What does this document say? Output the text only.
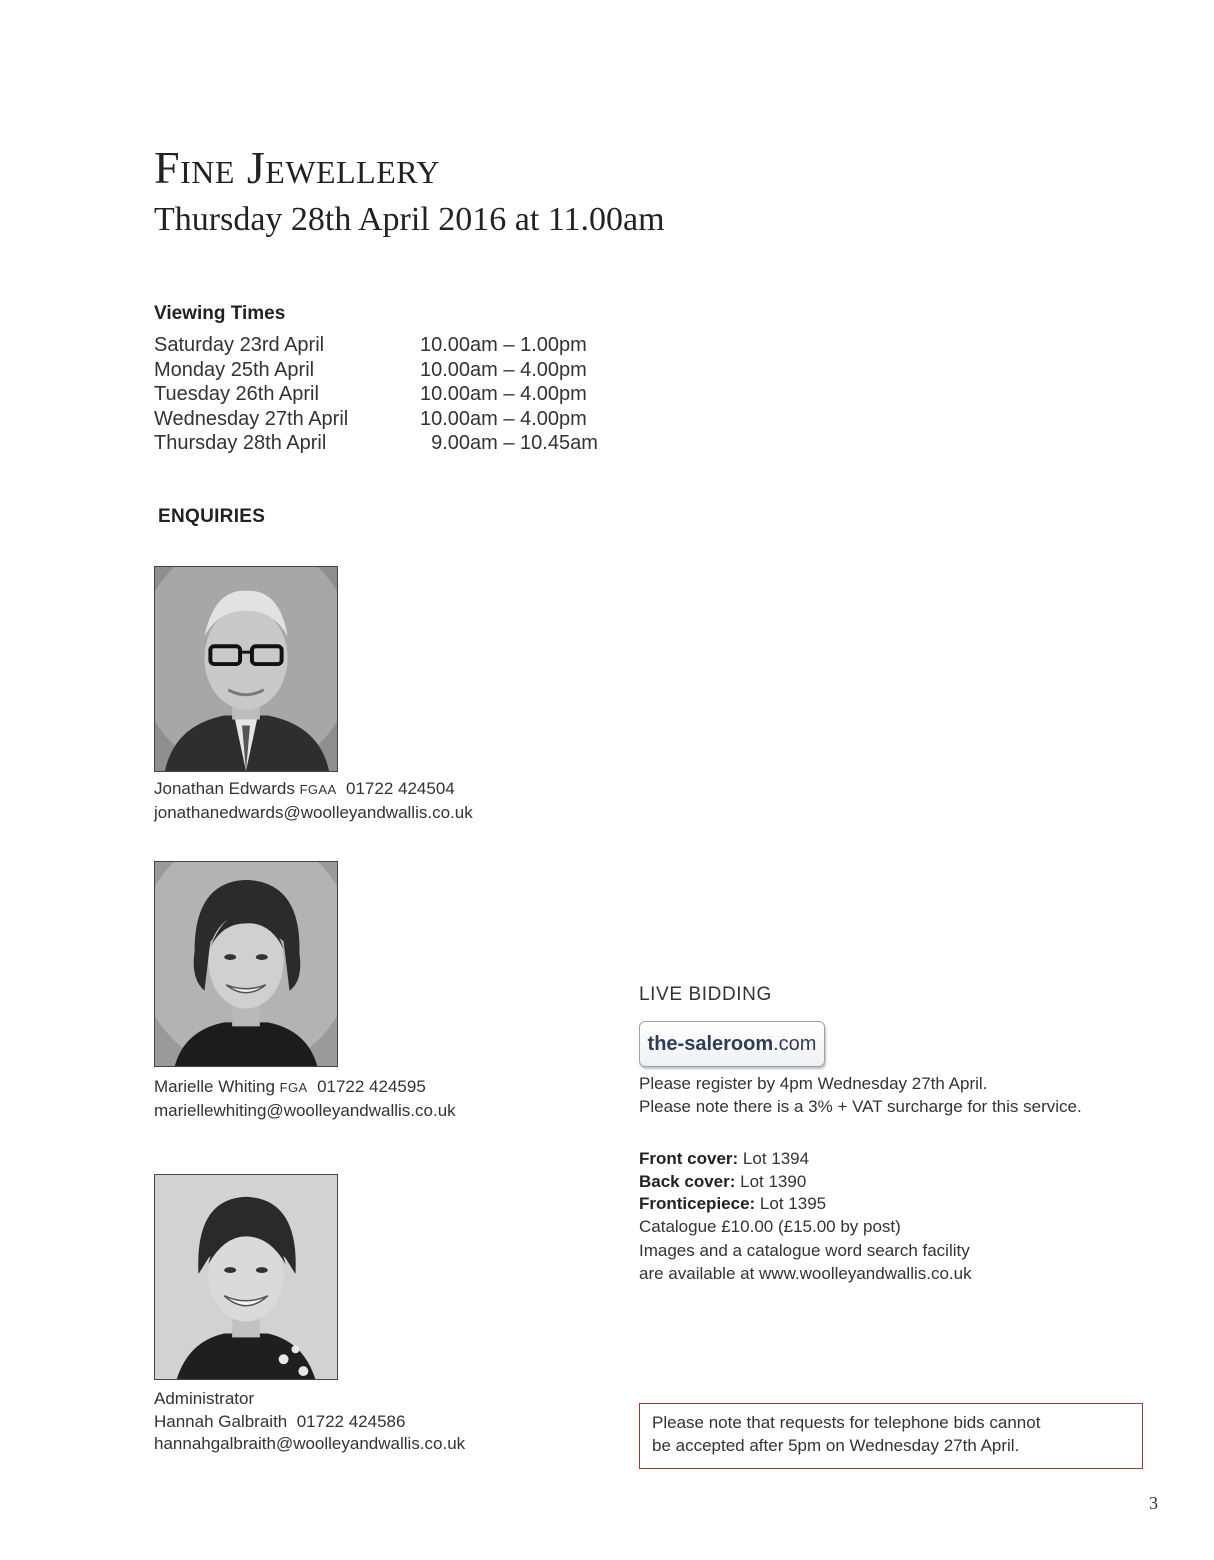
Fine Jewellery
Thursday 28th April 2016 at 11.00am
Viewing Times
Saturday 23rd April	10.00am – 1.00pm
Monday 25th April	10.00am – 4.00pm
Tuesday 26th April	10.00am – 4.00pm
Wednesday 27th April	10.00am – 4.00pm
Thursday 28th April	9.00am – 10.45am
ENQUIRIES
Jonathan Edwards FGAA 01722 424504
jonathanedwards@woolleyandwallis.co.uk
Marielle Whiting FGA 01722 424595
mariellewhiting@woolleyandwallis.co.uk
Administrator
Hannah Galbraith 01722 424586
hannahgalbraith@woolleyandwallis.co.uk
LIVE BIDDING
the-saleroom .com
Please register by 4pm Wednesday 27th April.
Please note there is a 3% + VAT surcharge for this service.
Front cover: Lot 1394
Back cover: Lot 1390
Fronticepiece: Lot 1395
Catalogue £10.00 (£15.00 by post)
Images and a catalogue word search facility
are available at www.woolleyandwallis.co.uk
Please note that requests for telephone bids cannot
be accepted after 5pm on Wednesday 27th April.
3
